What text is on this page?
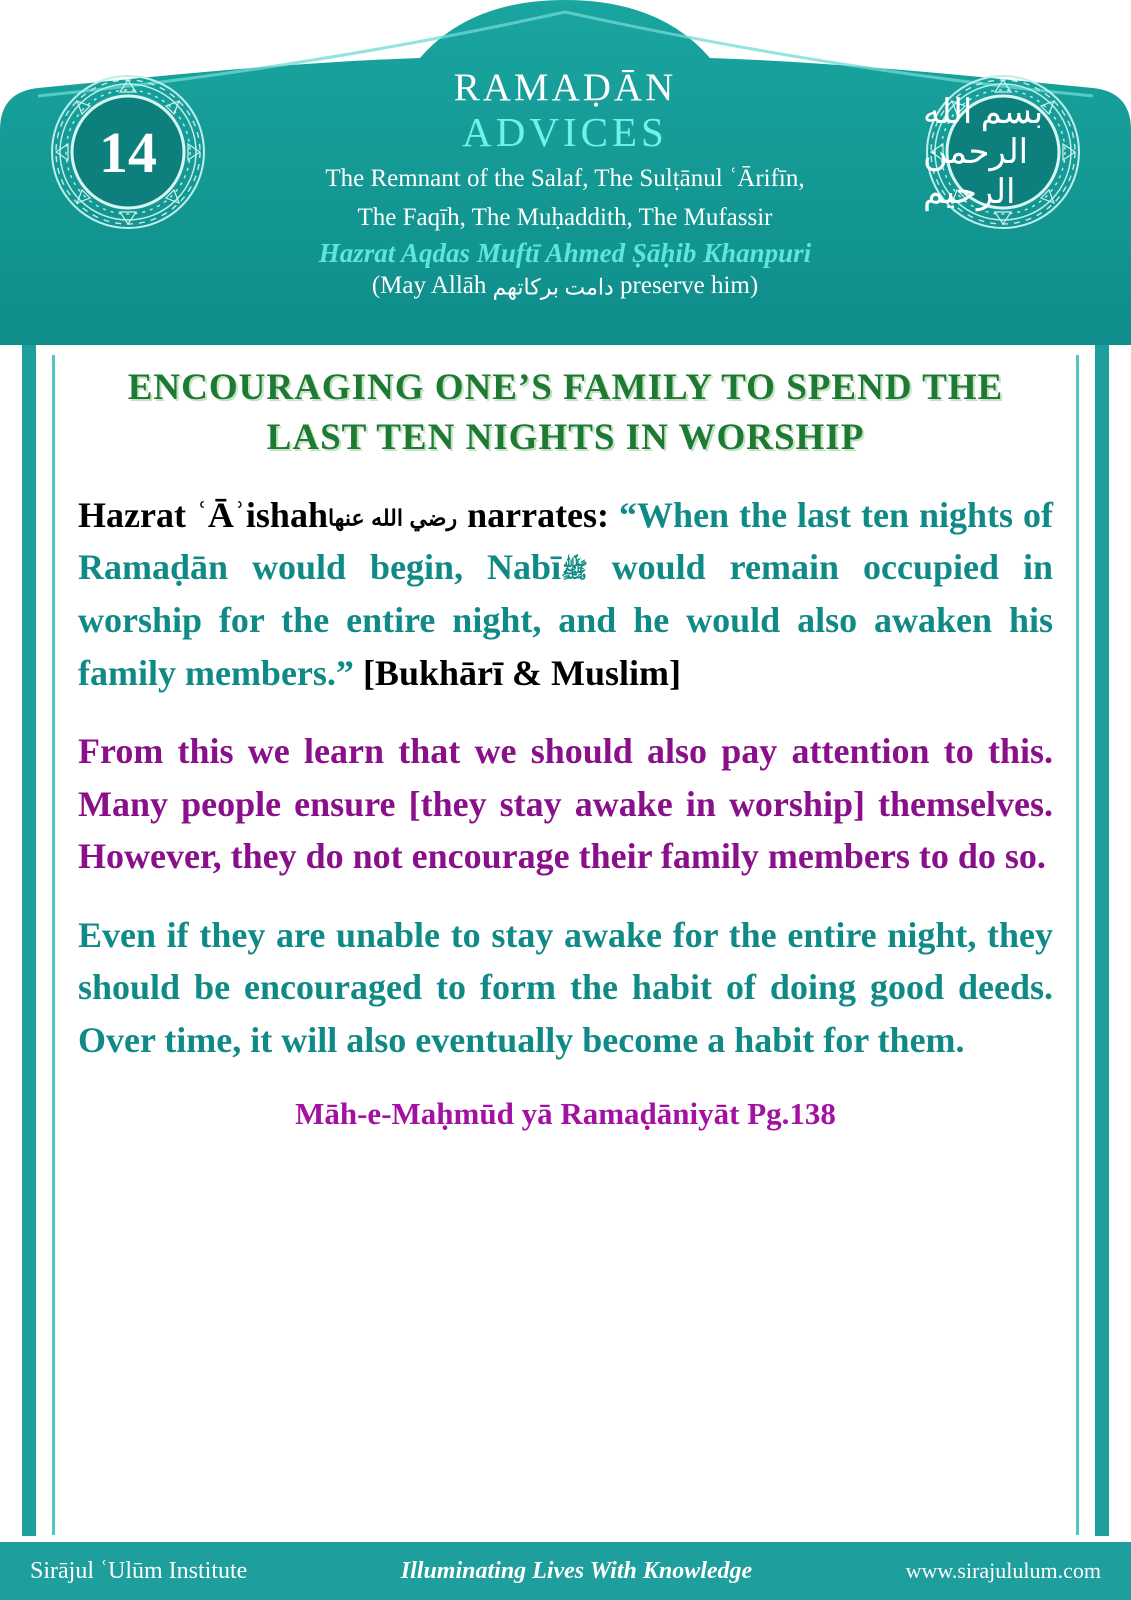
14
بسم الله الرحمن الرحيم
RAMAḌĀN
ADVICES
The Remnant of the Salaf, The Sulṭānul ʿĀrifīn,
The Faqīh, The Muḥaddith, The Mufassir
Hazrat Aqdas Muftī Ahmed Ṣāḥib Khanpuri
(May Allāh ﺩﺍﻣﺖ ﺑﺮﻛﺎﺗﮭﻢ preserve him)
ENCOURAGING ONE’S FAMILY TO SPEND THE LAST TEN NIGHTS IN WORSHIP

Hazrat ʿĀʾishahرضي الله عنها narrates: “When the last ten nights of Ramaḍān would begin, Nabīﷺ would remain occupied in worship for the entire night, and he would also awaken his family members.” [Bukhārī & Muslim]

From this we learn that we should also pay attention to this. Many people ensure [they stay awake in worship] themselves. However, they do not encourage their family members to do so.

Even if they are unable to stay awake for the entire night, they should be encouraged to form the habit of doing good deeds. Over time, it will also eventually become a habit for them.

Māh-e-Maḥmūd yā Ramaḍāniyāt Pg.138
Sirājul ʿUlūm Institute	Illuminating Lives With Knowledge	www.sirajululum.com
